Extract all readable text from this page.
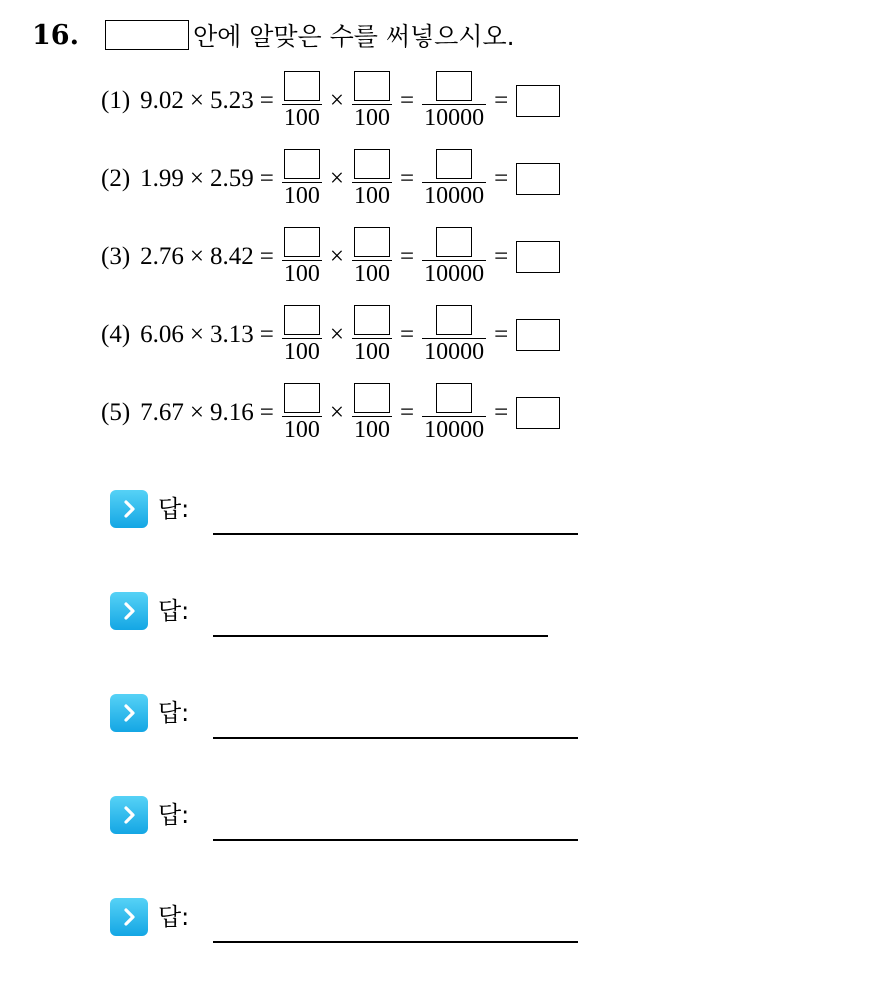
16.	안에 알맞은 수를 써넣으시오.
(1) 9.02 × 5.23 =
100
×
100
=
10000
=
(2) 1.99 × 2.59 =
100
×
100
=
10000
=
(3) 2.76 × 8.42 =
100
×
100
=
10000
=
(4) 6.06 × 3.13 =
100
×
100
=
10000
=
(5) 7.67 × 9.16 =
100
×
100
=
10000
=
답:
답:
답:
답:
답:
